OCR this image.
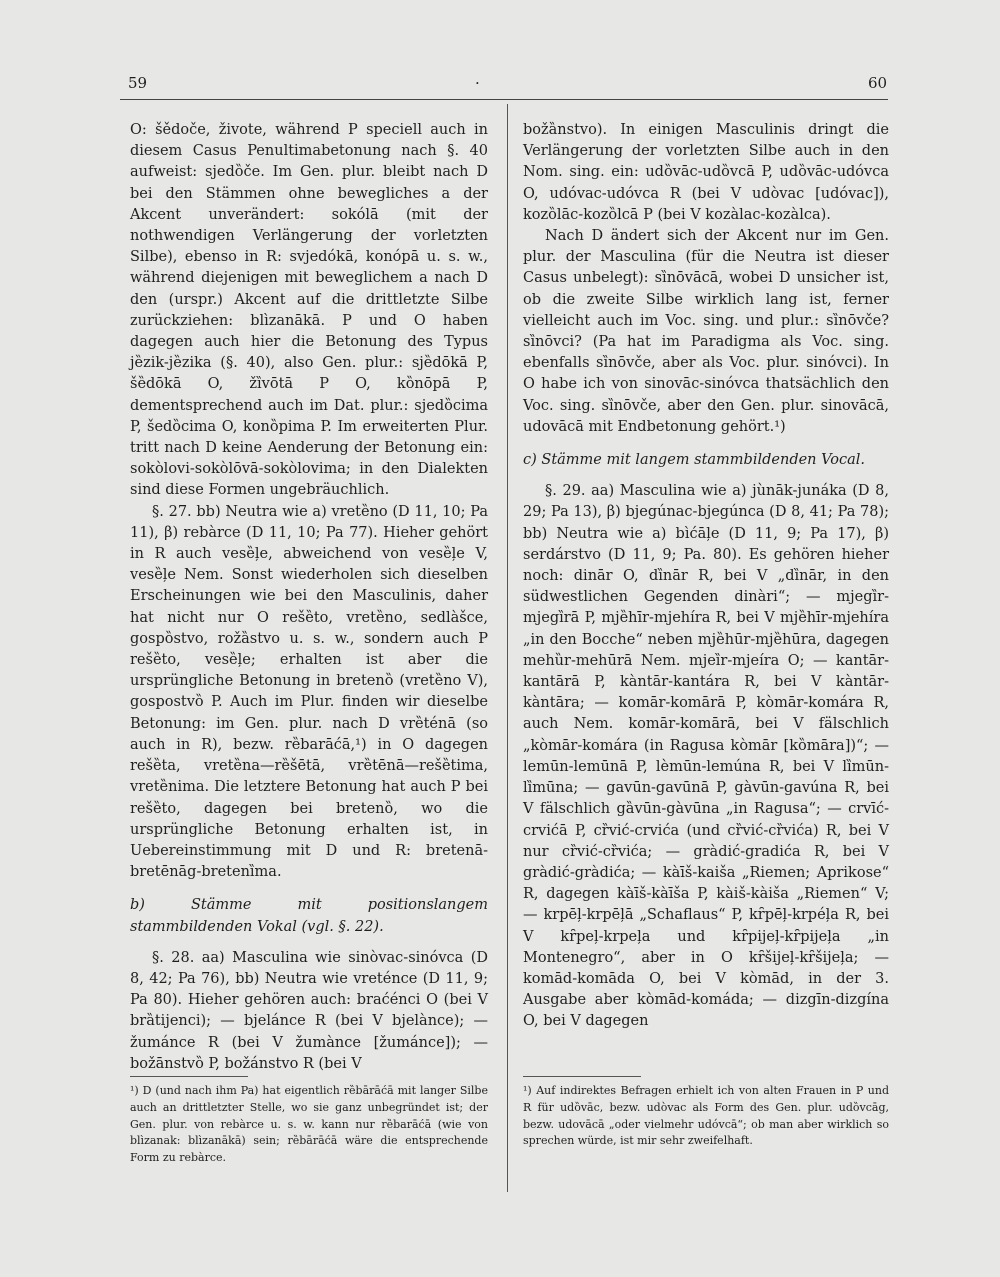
59	·	60

O: šědoče, živote, während P speciell auch in diesem Casus Penultimabetonung nach §. 40 aufweist: sjedȍče. Im Gen. plur. bleibt nach D bei den Stämmen ohne bewegliches a der Akcent unverändert: sokólā (mit der nothwendigen Verlängerung der vorletzten Silbe), ebenso in R: svjedókā, konópā u. s. w., während diejenigen mit beweglichem a nach D den (urspr.) Akcent auf die drittletzte Silbe zurückziehen: blìzanākā. P und O haben dagegen auch hier die Betonung des Typus jȅzik-jȅzika (§. 40), also Gen. plur.: sjȅdōkā P, šȅdōkā O, žȉvōtā P O, kȍnōpā P, dementsprechend auch im Dat. plur.: sjedȍcima P, šedȍcima O, konȍpima P. Im erweiterten Plur. tritt nach D keine Aenderung der Betonung ein: sokòlovi-sokòlōvā-sokòlovima; in den Dialekten sind diese Formen ungebräuchlich.

§. 27. bb) Neutra wie a) vretȅno (D 11, 10; Pa 11), β) rebàrce (D 11, 10; Pa 77). Hieher gehört in R auch vesȅļe, abweichend von vesȅļe V, vesȅļe Nem. Sonst wiederholen sich dieselben Erscheinungen wie bei den Masculinis, daher hat nicht nur O rešȅto, vretȅno, sedlàšce, gospȍstvo, rožȁstvo u. s. w., sondern auch P rešȅto, vesȅļe; erhalten ist aber die ursprüngliche Betonung in bretenȍ (vretȅno V), gospostvȍ P. Auch im Plur. finden wir dieselbe Betonung: im Gen. plur. nach D vrȅténā (so auch in R), bezw. rȅbarāćā,¹) in O dagegen rešȅta, vretȅna—rȅšētā, vrȅtēnā—rešȅtima, vretȅnima. Die letztere Betonung hat auch P bei rešȅto, dagegen bei bretenȍ, wo die ursprüngliche Betonung erhalten ist, in Uebereinstimmung mit D und R: bretenā-bretēnāg-bretenȉma.

b) Stämme mit positionslangem stammbildenden Vokal (vgl. §. 22).

§. 28. aa) Masculina wie sinòvac-sinóvca (D 8, 42; Pa 76), bb) Neutra wie vreténce (D 11, 9; Pa 80). Hieher gehören auch: braćénci O (bei V brȁtijenci); — bjelánce R (bei V bjelànce); — žumánce R (bei V žumànce [žumánce]); — božānstvȍ P, božánstvo R (bei V

božȁnstvo). In einigen Masculinis dringt die Verlängerung der vorletzten Silbe auch in den Nom. sing. ein: udȍvāc-udȍvcā P, udȍvāc-udóvca O, udóvac-udóvca R (bei V udòvac [udóvac]), kozȍlāc-kozȍlcā P (bei V kozàlac-kozàlca).

Nach D ändert sich der Akcent nur im Gen. plur. der Masculina (für die Neutra ist dieser Casus unbelegt): sȉnōvācā, wobei D unsicher ist, ob die zweite Silbe wirklich lang ist, ferner vielleicht auch im Voc. sing. und plur.: sȉnōvče? sȉnōvci? (Pa hat im Paradigma als Voc. sing. ebenfalls sȉnōvče, aber als Voc. plur. sinóvci). In O habe ich von sinovāc-sinóvca thatsächlich den Voc. sing. sȉnōvče, aber den Gen. plur. sinovācā, udovācā mit Endbetonung gehört.¹)

c) Stämme mit langem stammbildenden Vocal.

§. 29. aa) Masculina wie a) jùnāk-junáka (D 8, 29; Pa 13), β) bjegúnac-bjegúnca (D 8, 41; Pa 78); bb) Neutra wie a) bìćāļe (D 11, 9; Pa 17), β) serdárstvo (D 11, 9; Pa. 80). Es gehören hieher noch: dinār O, dȉnār R, bei V „dȉnār, in den südwestlichen Gegenden dinàri“; — mjegȉr-mjegȉrā P, mjȅhīr-mjehíra R, bei V mjȅhīr-mjehíra „in den Bocche“ neben mjȅhūr-mjȅhūra, dagegen mehȕr-mehūrā Nem. mjeȉr-mjeíra O; — kantār-kantārā P, kàntār-kantára R, bei V kàntār-kàntāra; — komār-komārā P, kòmār-komára R, auch Nem. komār-komārā, bei V fälschlich „kòmār-komára (in Ragusa kòmār [kȍmāra])“; — lemūn-lemūnā P, lèmūn-lemúna R, bei V lȉmūn-lȉmūna; — gavūn-gavūnā P, gàvūn-gavúna R, bei V fälschlich gȁvūn-gàvūna „in Ragusa“; — crvīć-crvićā P, cȑvić-crvića (und cȑvić-cȑvića) R, bei V nur cȑvić-cȑvića; — gràdić-gradića R, bei V gràdić-gràdića; — kàīš-kaiša „Riemen; Aprikose“ R, dagegen kàīš-kàīša P, kàiš-kàiša „Riemen“ V; — krpēļ-krpēļā „Schaflaus“ P, kȓpēļ-krpéļa R, bei V kȓpeļ-krpeļa und kȓpijeļ-kȓpijeļa „in Montenegro“, aber in O kȓšijeļ-kȓšijeļa; — komād-komāda O, bei V kòmād, in der 3. Ausgabe aber kòmād-komáda; — dizgīn-dizgína O, bei V dagegen

¹) D (und nach ihm Pa) hat eigentlich rȅbārāćā mit langer Silbe auch an drittletzter Stelle, wo sie ganz unbegründet ist; der Gen. plur. von rebàrce u. s. w. kann nur rȅbarāćā (wie von blìzanak: blìzanākā) sein; rȅbārāćā wäre die entsprechende Form zu rebàrce.
¹) Auf indirektes Befragen erhielt ich von alten Frauen in P und R für udȍvāc, bezw. udòvac als Form des Gen. plur. udȍvcāg, bezw. udovācā „oder vielmehr udóvcā“; ob man aber wirklich so sprechen würde, ist mir sehr zweifelhaft.
